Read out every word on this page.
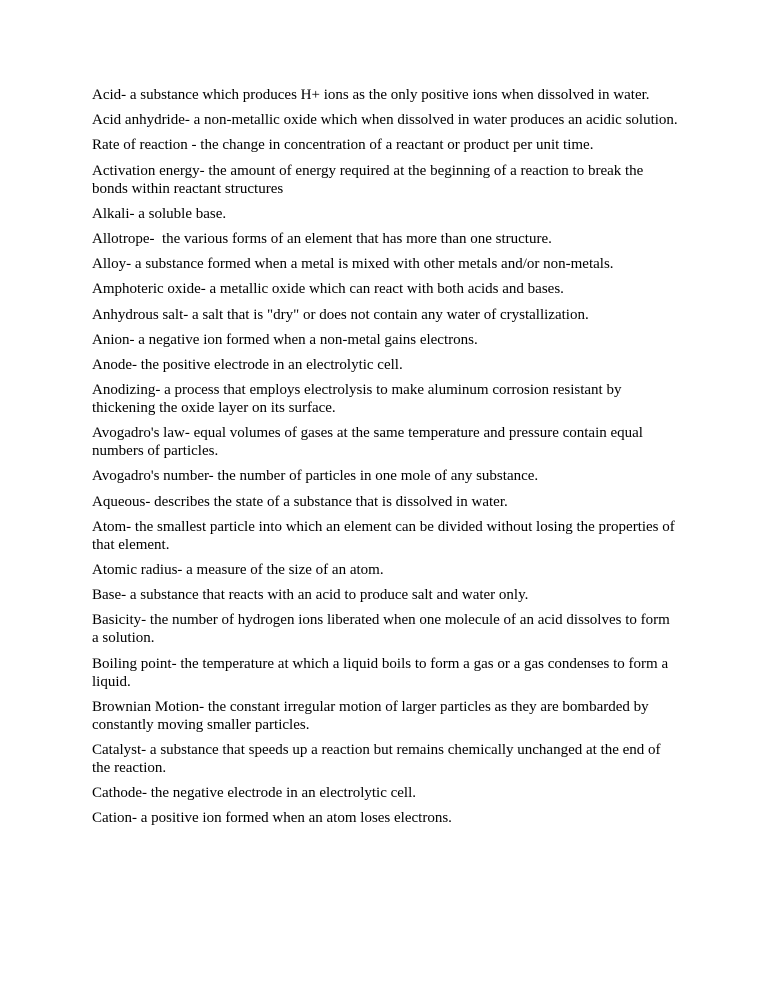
Acid- a substance which produces H+ ions as the only positive ions when dissolved in water.
Acid anhydride- a non-metallic oxide which when dissolved in water produces an acidic solution.
Rate of reaction - the change in concentration of a reactant or product per unit time.
Activation energy- the amount of energy required at the beginning of a reaction to break the bonds within reactant structures
Alkali- a soluble base.
Allotrope-  the various forms of an element that has more than one structure.
Alloy- a substance formed when a metal is mixed with other metals and/or non-metals.
Amphoteric oxide- a metallic oxide which can react with both acids and bases.
Anhydrous salt- a salt that is "dry" or does not contain any water of crystallization.
Anion- a negative ion formed when a non-metal gains electrons.
Anode- the positive electrode in an electrolytic cell.
Anodizing- a process that employs electrolysis to make aluminum corrosion resistant by thickening the oxide layer on its surface.
Avogadro's law- equal volumes of gases at the same temperature and pressure contain equal numbers of particles.
Avogadro's number- the number of particles in one mole of any substance.
Aqueous- describes the state of a substance that is dissolved in water.
Atom- the smallest particle into which an element can be divided without losing the properties of that element.
Atomic radius- a measure of the size of an atom.
Base- a substance that reacts with an acid to produce salt and water only.
Basicity- the number of hydrogen ions liberated when one molecule of an acid dissolves to form a solution.
Boiling point- the temperature at which a liquid boils to form a gas or a gas condenses to form a liquid.
Brownian Motion- the constant irregular motion of larger particles as they are bombarded by constantly moving smaller particles.
Catalyst- a substance that speeds up a reaction but remains chemically unchanged at the end of the reaction.
Cathode- the negative electrode in an electrolytic cell.
Cation- a positive ion formed when an atom loses electrons.
